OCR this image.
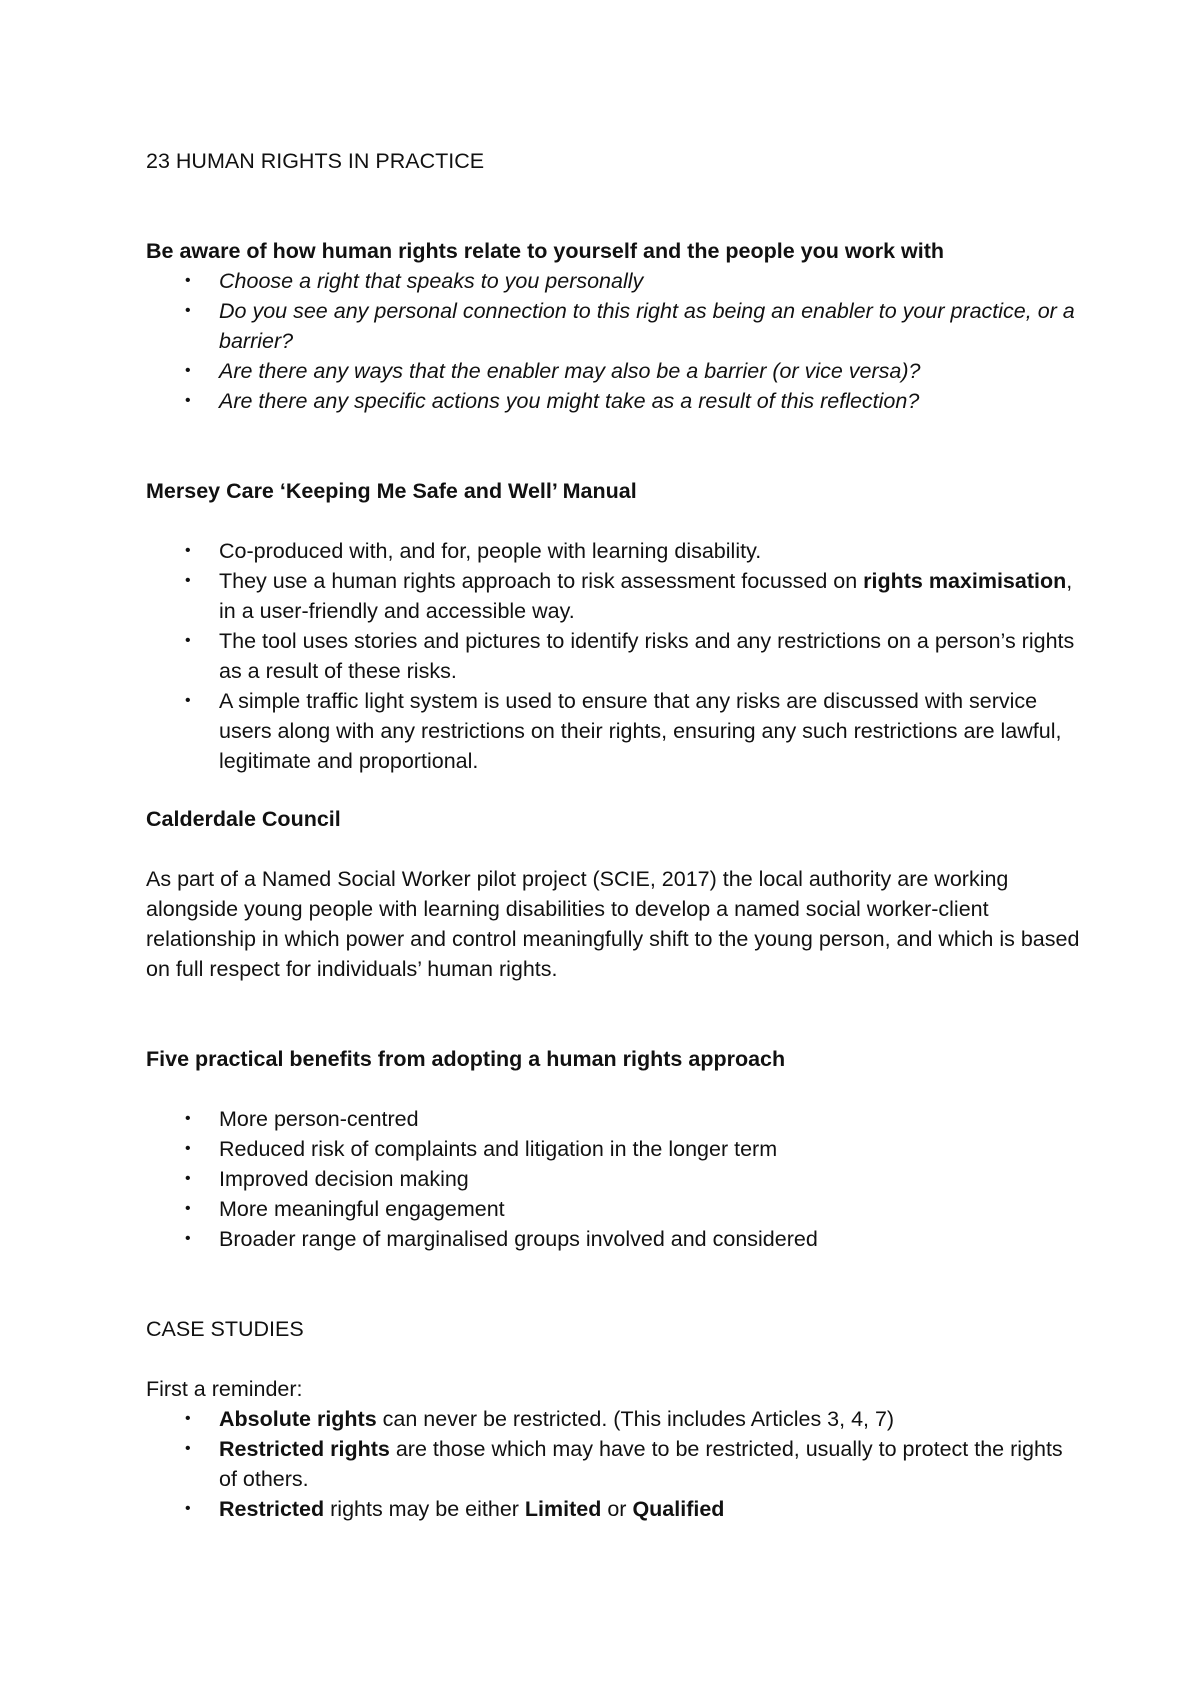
23 HUMAN RIGHTS IN PRACTICE

Be aware of how human rights relate to yourself and the people you work with

• Choose a right that speaks to you personally
• Do you see any personal connection to this right as being an enabler to your practice, or a barrier?
• Are there any ways that the enabler may also be a barrier (or vice versa)?
• Are there any specific actions you might take as a result of this reflection?

Mersey Care ‘Keeping Me Safe and Well’ Manual

• Co-produced with, and for, people with learning disability.
• They use a human rights approach to risk assessment focussed on rights maximisation, in a user-friendly and accessible way.
• The tool uses stories and pictures to identify risks and any restrictions on a person’s rights as a result of these risks.
• A simple traffic light system is used to ensure that any risks are discussed with service users along with any restrictions on their rights, ensuring any such restrictions are lawful, legitimate and proportional.

Calderdale Council

As part of a Named Social Worker pilot project (SCIE, 2017) the local authority are working alongside young people with learning disabilities to develop a named social worker-client relationship in which power and control meaningfully shift to the young person, and which is based on full respect for individuals’ human rights.

Five practical benefits from adopting a human rights approach

• More person-centred
• Reduced risk of complaints and litigation in the longer term
• Improved decision making
• More meaningful engagement
• Broader range of marginalised groups involved and considered

CASE STUDIES

First a reminder:

• Absolute rights can never be restricted. (This includes Articles 3, 4, 7)
• Restricted rights are those which may have to be restricted, usually to protect the rights of others.
• Restricted rights may be either Limited or Qualified
